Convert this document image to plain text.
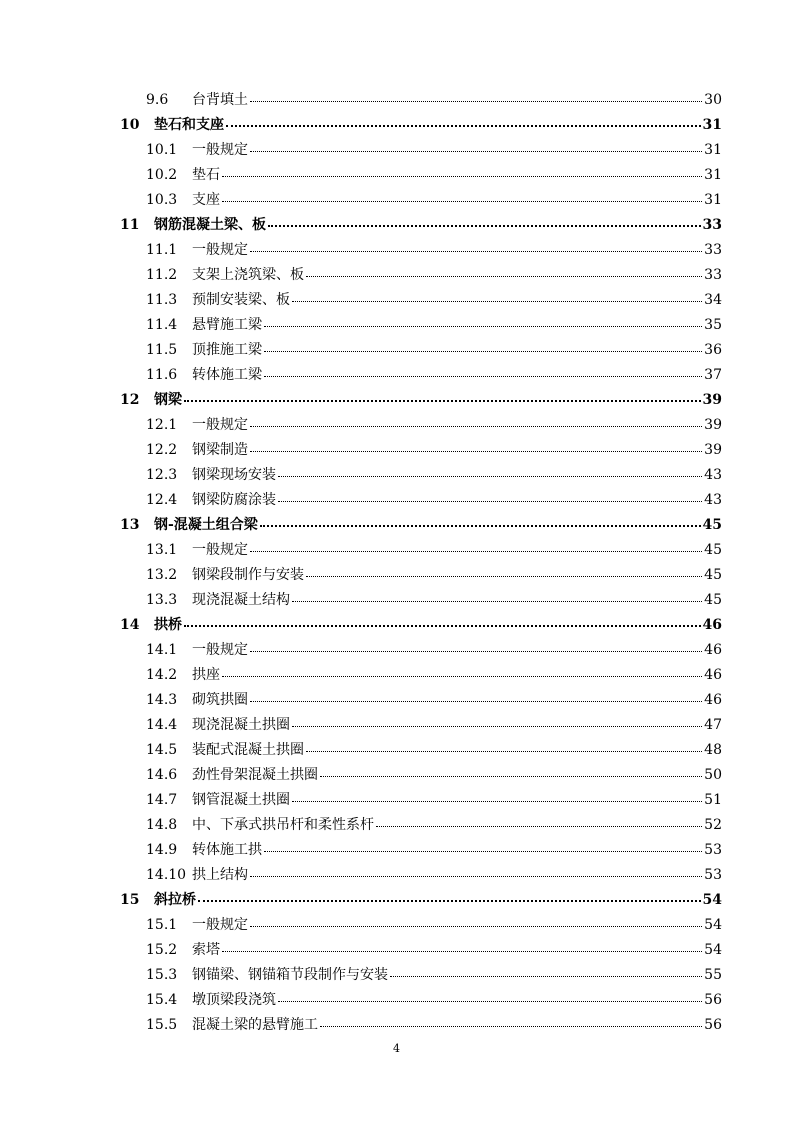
9.6	台背填土	30
10	垫石和支座	31
10.1	一般规定	31
10.2	垫石	31
10.3	支座	31
11	钢筋混凝土梁、板	33
11.1	一般规定	33
11.2	支架上浇筑梁、板	33
11.3	预制安装梁、板	34
11.4	悬臂施工梁	35
11.5	顶推施工梁	36
11.6	转体施工梁	37
12	钢梁	39
12.1	一般规定	39
12.2	钢梁制造	39
12.3	钢梁现场安装	43
12.4	钢梁防腐涂装	43
13	钢-混凝土组合梁	45
13.1	一般规定	45
13.2	钢梁段制作与安装	45
13.3	现浇混凝土结构	45
14	拱桥	46
14.1	一般规定	46
14.2	拱座	46
14.3	砌筑拱圈	46
14.4	现浇混凝土拱圈	47
14.5	装配式混凝土拱圈	48
14.6	劲性骨架混凝土拱圈	50
14.7	钢管混凝土拱圈	51
14.8	中、下承式拱吊杆和柔性系杆	52
14.9	转体施工拱	53
14.10 拱上结构	53
15	斜拉桥	54
15.1	一般规定	54
15.2	索塔	54
15.3	钢锚梁、钢锚箱节段制作与安装	55
15.4	墩顶梁段浇筑	56
15.5	混凝土梁的悬臂施工	56
4
